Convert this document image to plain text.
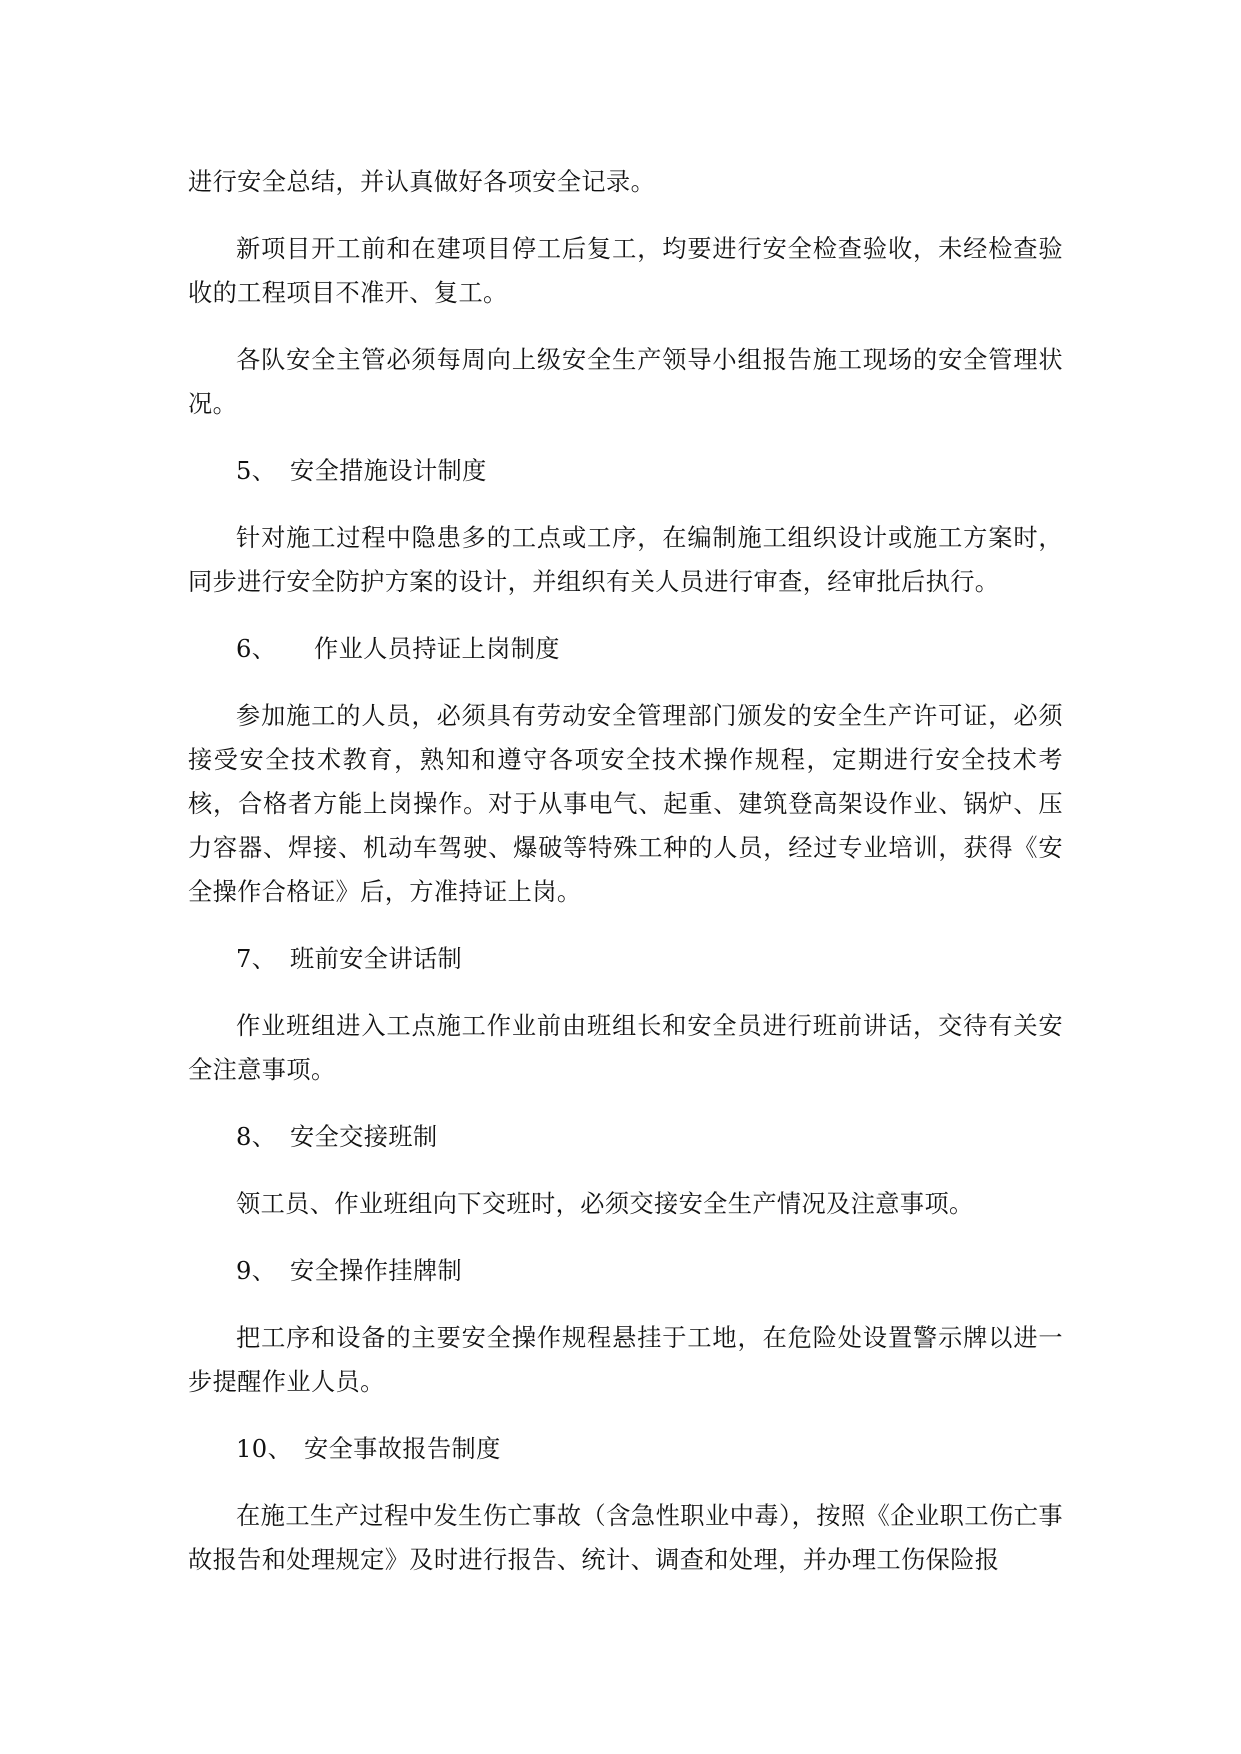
进行安全总结，并认真做好各项安全记录。

新项目开工前和在建项目停工后复工，均要进行安全检查验收，未经检查验收的工程项目不准开、复工。

各队安全主管必须每周向上级安全生产领导小组报告施工现场的安全管理状况。

5、 安全措施设计制度

针对施工过程中隐患多的工点或工序，在编制施工组织设计或施工方案时，同步进行安全防护方案的设计，并组织有关人员进行审查，经审批后执行。

6、 作业人员持证上岗制度

参加施工的人员，必须具有劳动安全管理部门颁发的安全生产许可证，必须接受安全技术教育，熟知和遵守各项安全技术操作规程，定期进行安全技术考核，合格者方能上岗操作。对于从事电气、起重、建筑登高架设作业、锅炉、压力容器、焊接、机动车驾驶、爆破等特殊工种的人员，经过专业培训，获得《安全操作合格证》后，方准持证上岗。

7、 班前安全讲话制

作业班组进入工点施工作业前由班组长和安全员进行班前讲话，交待有关安全注意事项。

8、 安全交接班制

领工员、作业班组向下交班时，必须交接安全生产情况及注意事项。

9、 安全操作挂牌制

把工序和设备的主要安全操作规程悬挂于工地，在危险处设置警示牌以进一步提醒作业人员。

10、 安全事故报告制度

在施工生产过程中发生伤亡事故（含急性职业中毒），按照《企业职工伤亡事故报告和处理规定》及时进行报告、统计、调查和处理，并办理工伤保险报
